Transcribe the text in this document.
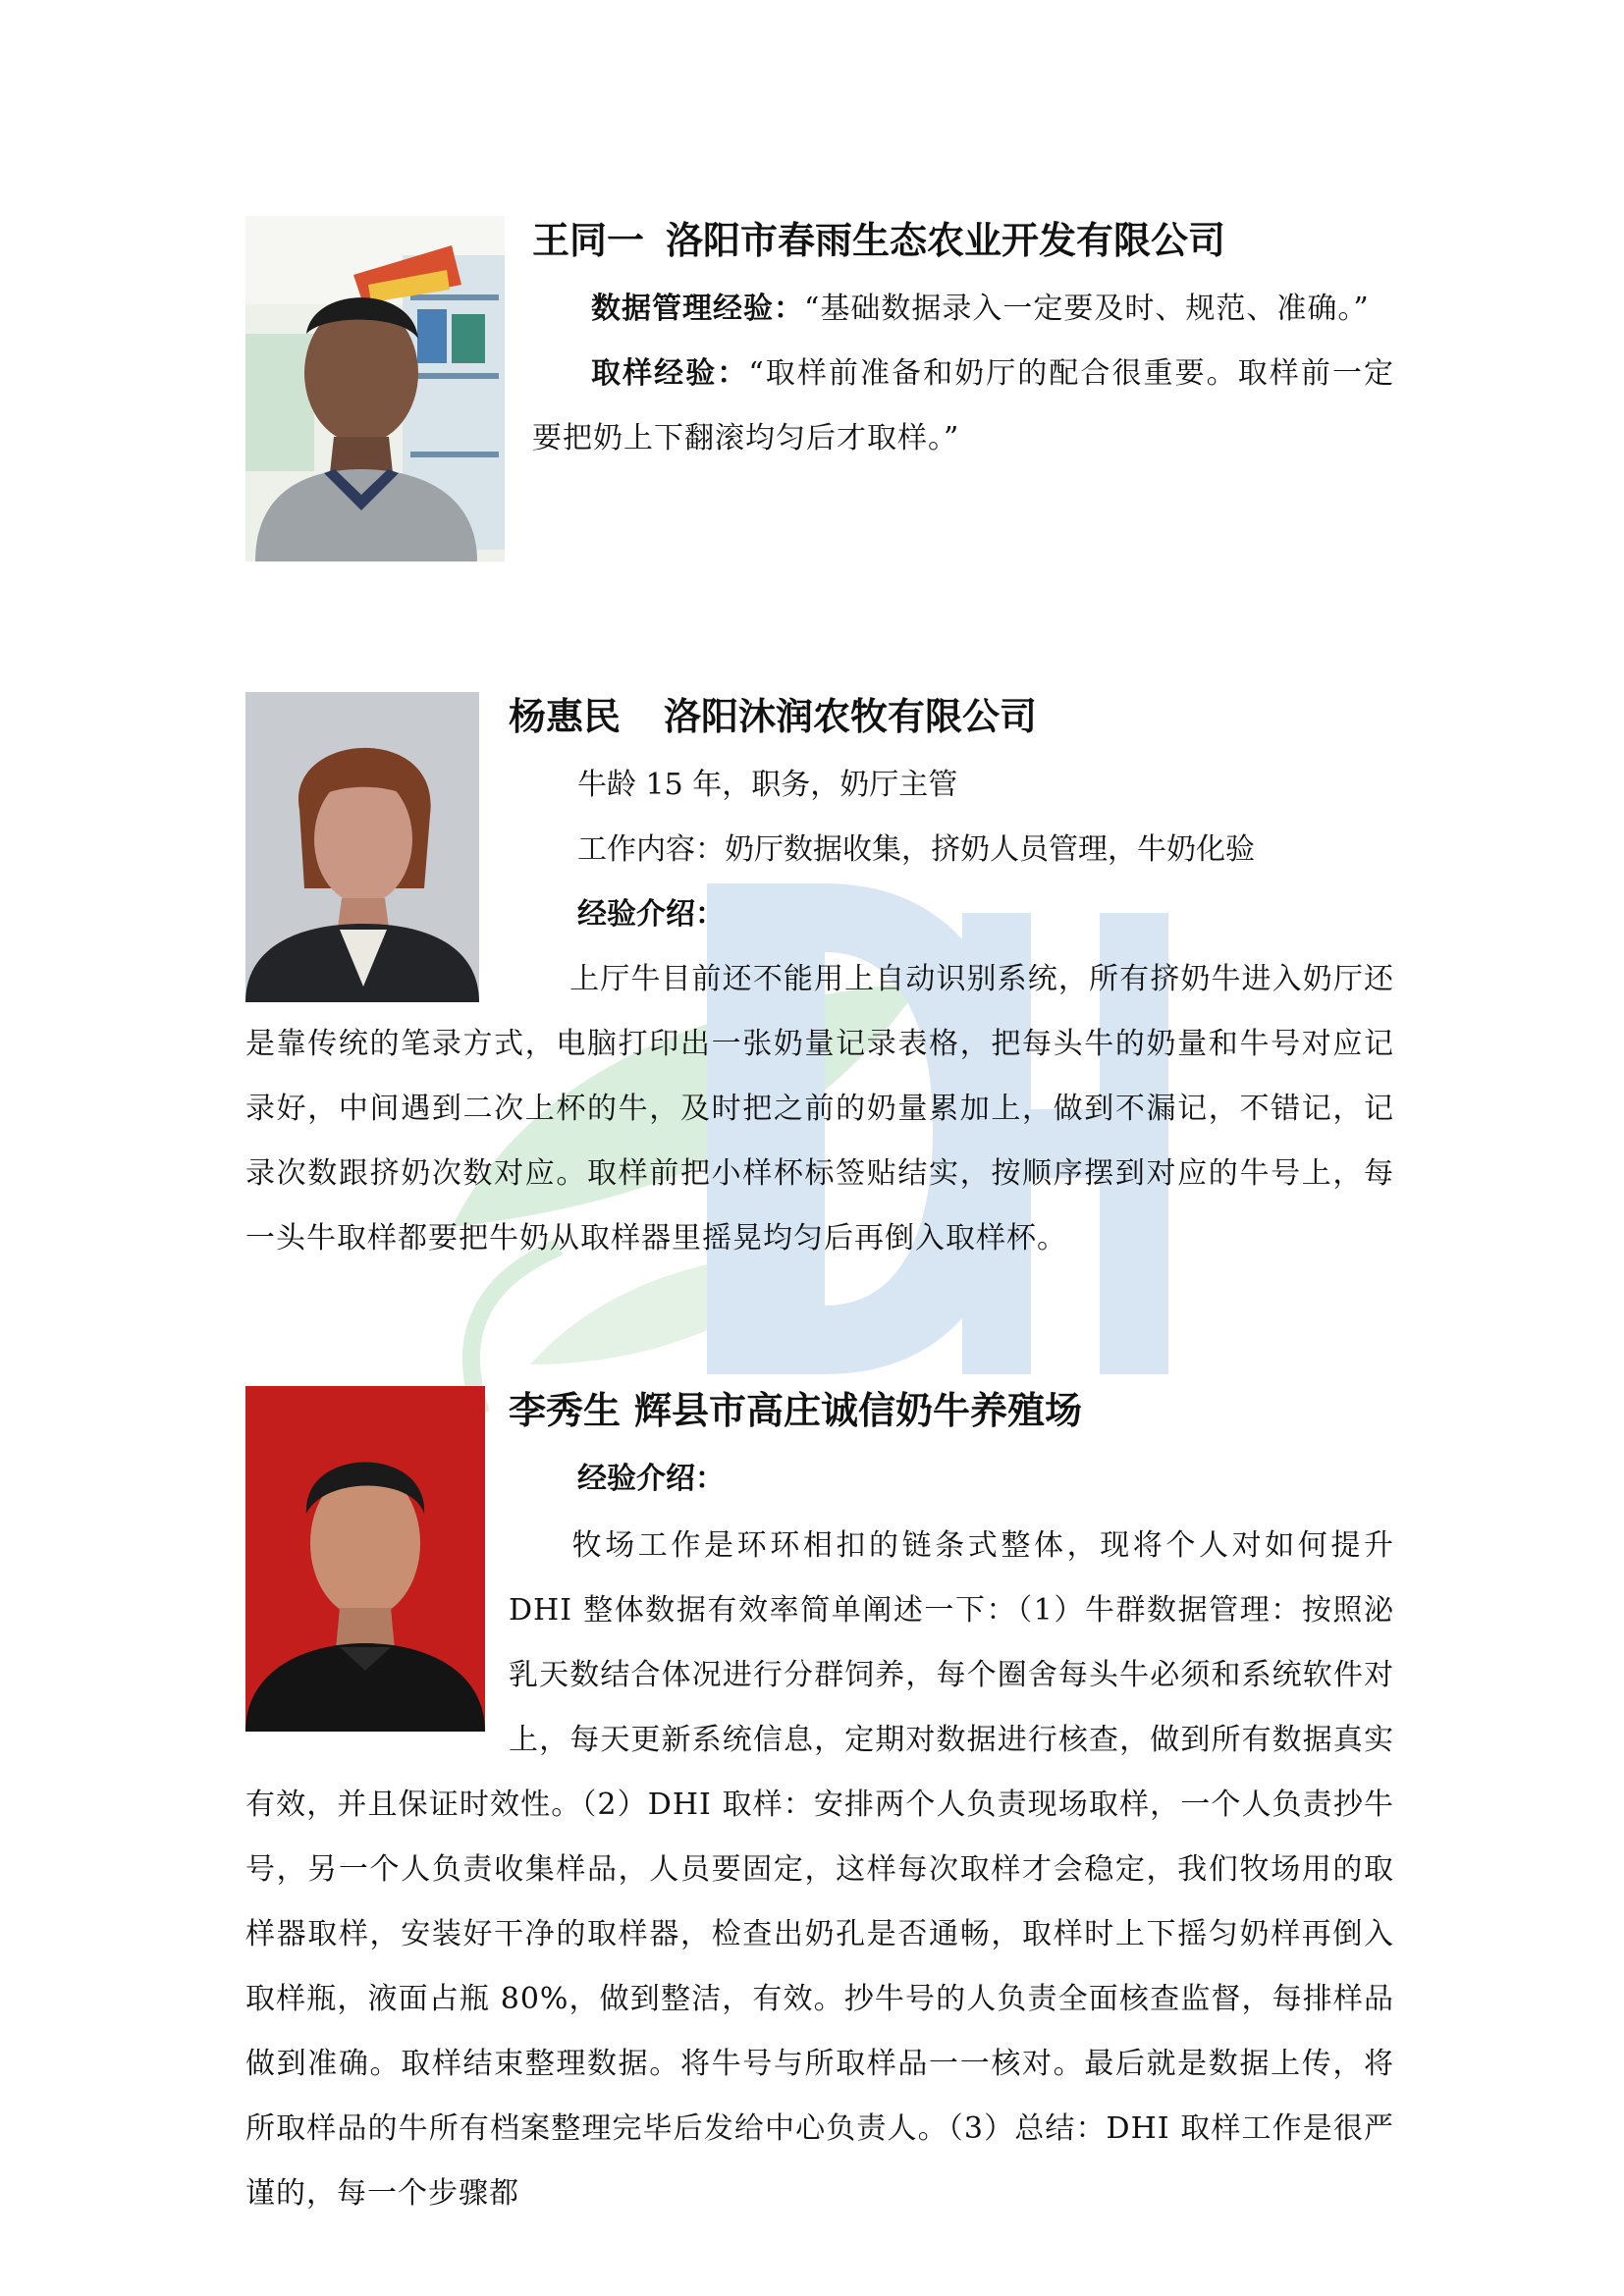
王同一 洛阳市春雨生态农业开发有限公司

数据管理经验：“基础数据录入一定要及时、规范、准确。”

取样经验：“取样前准备和奶厅的配合很重要。取样前一定要把奶上下翻滚均匀后才取样。”

杨惠民 洛阳沐润农牧有限公司

牛龄 15 年，职务，奶厅主管

工作内容：奶厅数据收集，挤奶人员管理，牛奶化验

经验介绍：

上厅牛目前还不能用上自动识别系统，所有挤奶牛进入奶厅还是靠传统的笔录方式，电脑打印出一张奶量记录表格，把每头牛的奶量和牛号对应记录好，中间遇到二次上杯的牛，及时把之前的奶量累加上，做到不漏记，不错记，记录次数跟挤奶次数对应。取样前把小样杯标签贴结实，按顺序摆到对应的牛号上，每一头牛取样都要把牛奶从取样器里摇晃均匀后再倒入取样杯。

李秀生 辉县市高庄诚信奶牛养殖场

经验介绍：

牧场工作是环环相扣的链条式整体，现将个人对如何提升 DHI 整体数据有效率简单阐述一下：（1）牛群数据管理：按照泌乳天数结合体况进行分群饲养，每个圈舍每头牛必须和系统软件对上，每天更新系统信息，定期对数据进行核查，做到所有数据真实有效，并且保证时效性。（2）DHI 取样：安排两个人负责现场取样，一个人负责抄牛号，另一个人负责收集样品，人员要固定，这样每次取样才会稳定，我们牧场用的取样器取样，安装好干净的取样器，检查出奶孔是否通畅，取样时上下摇匀奶样再倒入取样瓶，液面占瓶 80%，做到整洁，有效。抄牛号的人负责全面核查监督，每排样品做到准确。取样结束整理数据。将牛号与所取样品一一核对。最后就是数据上传，将所取样品的牛所有档案整理完毕后发给中心负责人。（3）总结：DHI 取样工作是很严谨的，每一个步骤都
